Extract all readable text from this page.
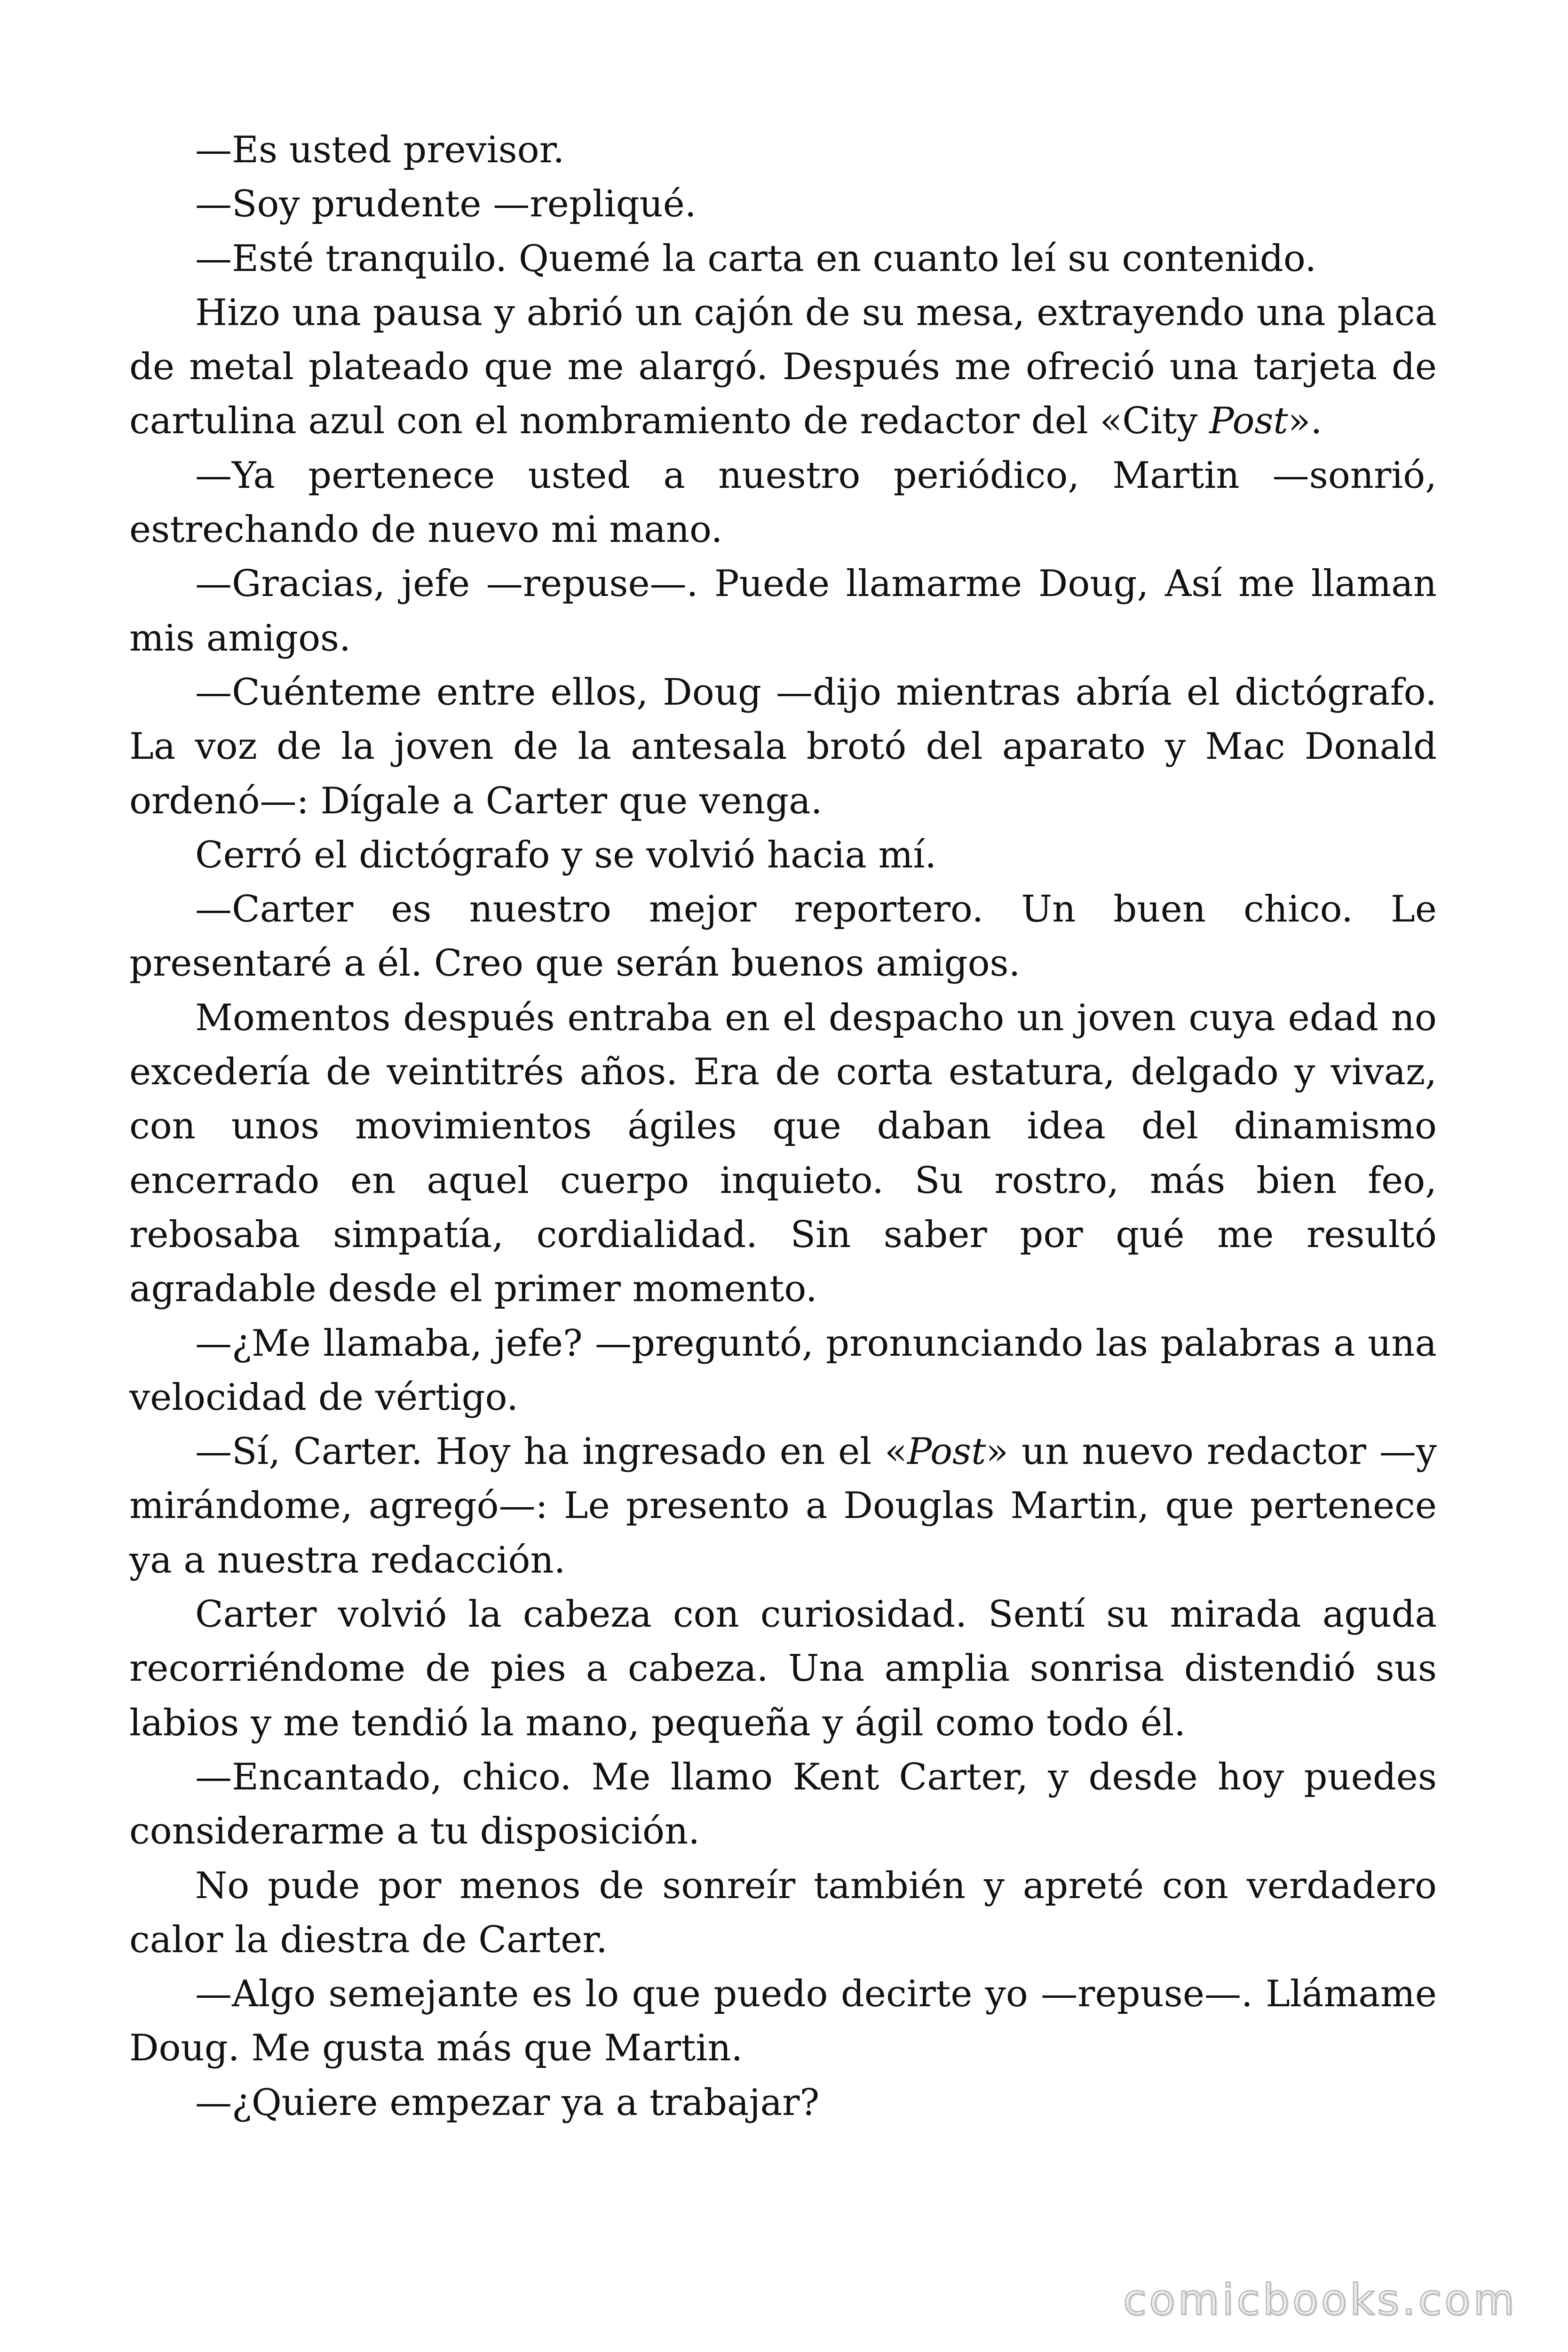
—Es usted previsor.

—Soy prudente —repliqué.

—Esté tranquilo. Quemé la carta en cuanto leí su contenido.

Hizo una pausa y abrió un cajón de su mesa, extrayendo una placa de metal plateado que me alargó. Después me ofreció una tarjeta de cartulina azul con el nombramiento de redactor del «City Post».

—Ya pertenece usted a nuestro periódico, Martin —sonrió, estrechando de nuevo mi mano.

—Gracias, jefe —repuse—. Puede llamarme Doug, Así me llaman mis amigos.

—Cuénteme entre ellos, Doug —dijo mientras abría el dictógrafo. La voz de la joven de la antesala brotó del aparato y Mac Donald ordenó—: Dígale a Carter que venga.

Cerró el dictógrafo y se volvió hacia mí.

—Carter es nuestro mejor reportero. Un buen chico. Le presentaré a él. Creo que serán buenos amigos.

Momentos después entraba en el despacho un joven cuya edad no excedería de veintitrés años. Era de corta estatura, delgado y vivaz, con unos movimientos ágiles que daban idea del dinamismo encerrado en aquel cuerpo inquieto. Su rostro, más bien feo, rebosaba simpatía, cordialidad. Sin saber por qué me resultó agradable desde el primer momento.

—¿Me llamaba, jefe? —preguntó, pronunciando las palabras a una velocidad de vértigo.

—Sí, Carter. Hoy ha ingresado en el «Post» un nuevo redactor —y mirándome, agregó—: Le presento a Douglas Martin, que pertenece ya a nuestra redacción.

Carter volvió la cabeza con curiosidad. Sentí su mirada aguda recorriéndome de pies a cabeza. Una amplia sonrisa distendió sus labios y me tendió la mano, pequeña y ágil como todo él.

—Encantado, chico. Me llamo Kent Carter, y desde hoy puedes considerarme a tu disposición.

No pude por menos de sonreír también y apreté con verdadero calor la diestra de Carter.

—Algo semejante es lo que puedo decirte yo —repuse—. Llámame Doug. Me gusta más que Martin.

—¿Quiere empezar ya a trabajar?

comicbooks.com
